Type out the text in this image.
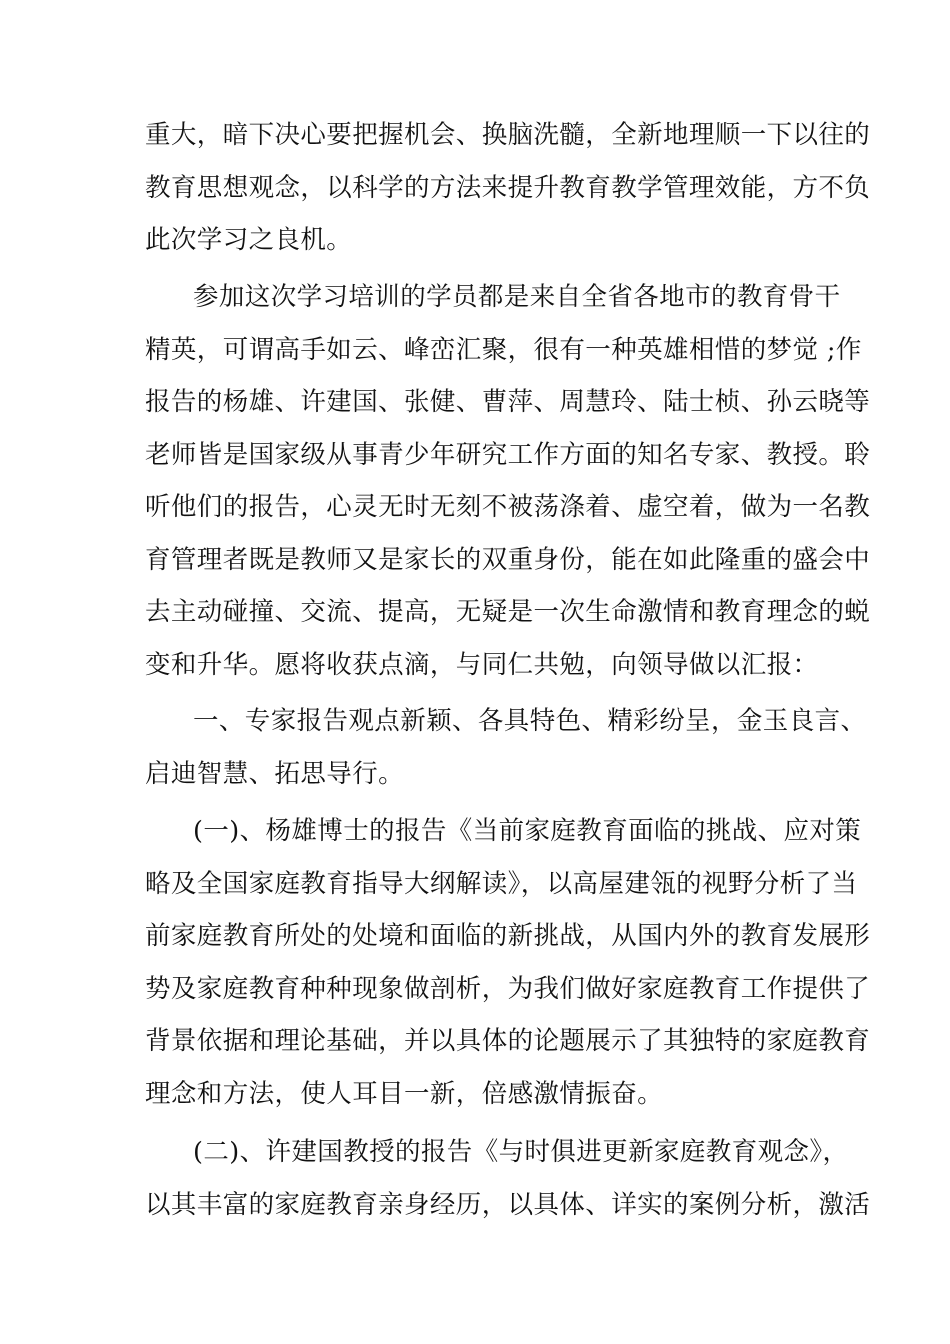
重大，暗下决心要把握机会、换脑洗髓，全新地理顺一下以往的
教育思想观念，以科学的方法来提升教育教学管理效能，方不负
此次学习之良机。
参加这次学习培训的学员都是来自全省各地市的教育骨干
精英，可谓高手如云、峰峦汇聚，很有一种英雄相惜的梦觉 ;作
报告的杨雄、许建国、张健、曹萍、周慧玲、陆士桢、孙云晓等
老师皆是国家级从事青少年研究工作方面的知名专家、教授。聆
听他们的报告，心灵无时无刻不被荡涤着、虚空着，做为一名教
育管理者既是教师又是家长的双重身份，能在如此隆重的盛会中
去主动碰撞、交流、提高，无疑是一次生命激情和教育理念的蜕
变和升华。愿将收获点滴，与同仁共勉，向领导做以汇报：
一、专家报告观点新颖、各具特色、精彩纷呈，金玉良言、
启迪智慧、拓思导行。
(一)、杨雄博士的报告《当前家庭教育面临的挑战、应对策
略及全国家庭教育指导大纲解读》，以高屋建瓴的视野分析了当
前家庭教育所处的处境和面临的新挑战，从国内外的教育发展形
势及家庭教育种种现象做剖析，为我们做好家庭教育工作提供了
背景依据和理论基础，并以具体的论题展示了其独特的家庭教育
理念和方法，使人耳目一新，倍感激情振奋。
(二)、许建国教授的报告《与时俱进更新家庭教育观念》，
以其丰富的家庭教育亲身经历，以具体、详实的案例分析，激活
